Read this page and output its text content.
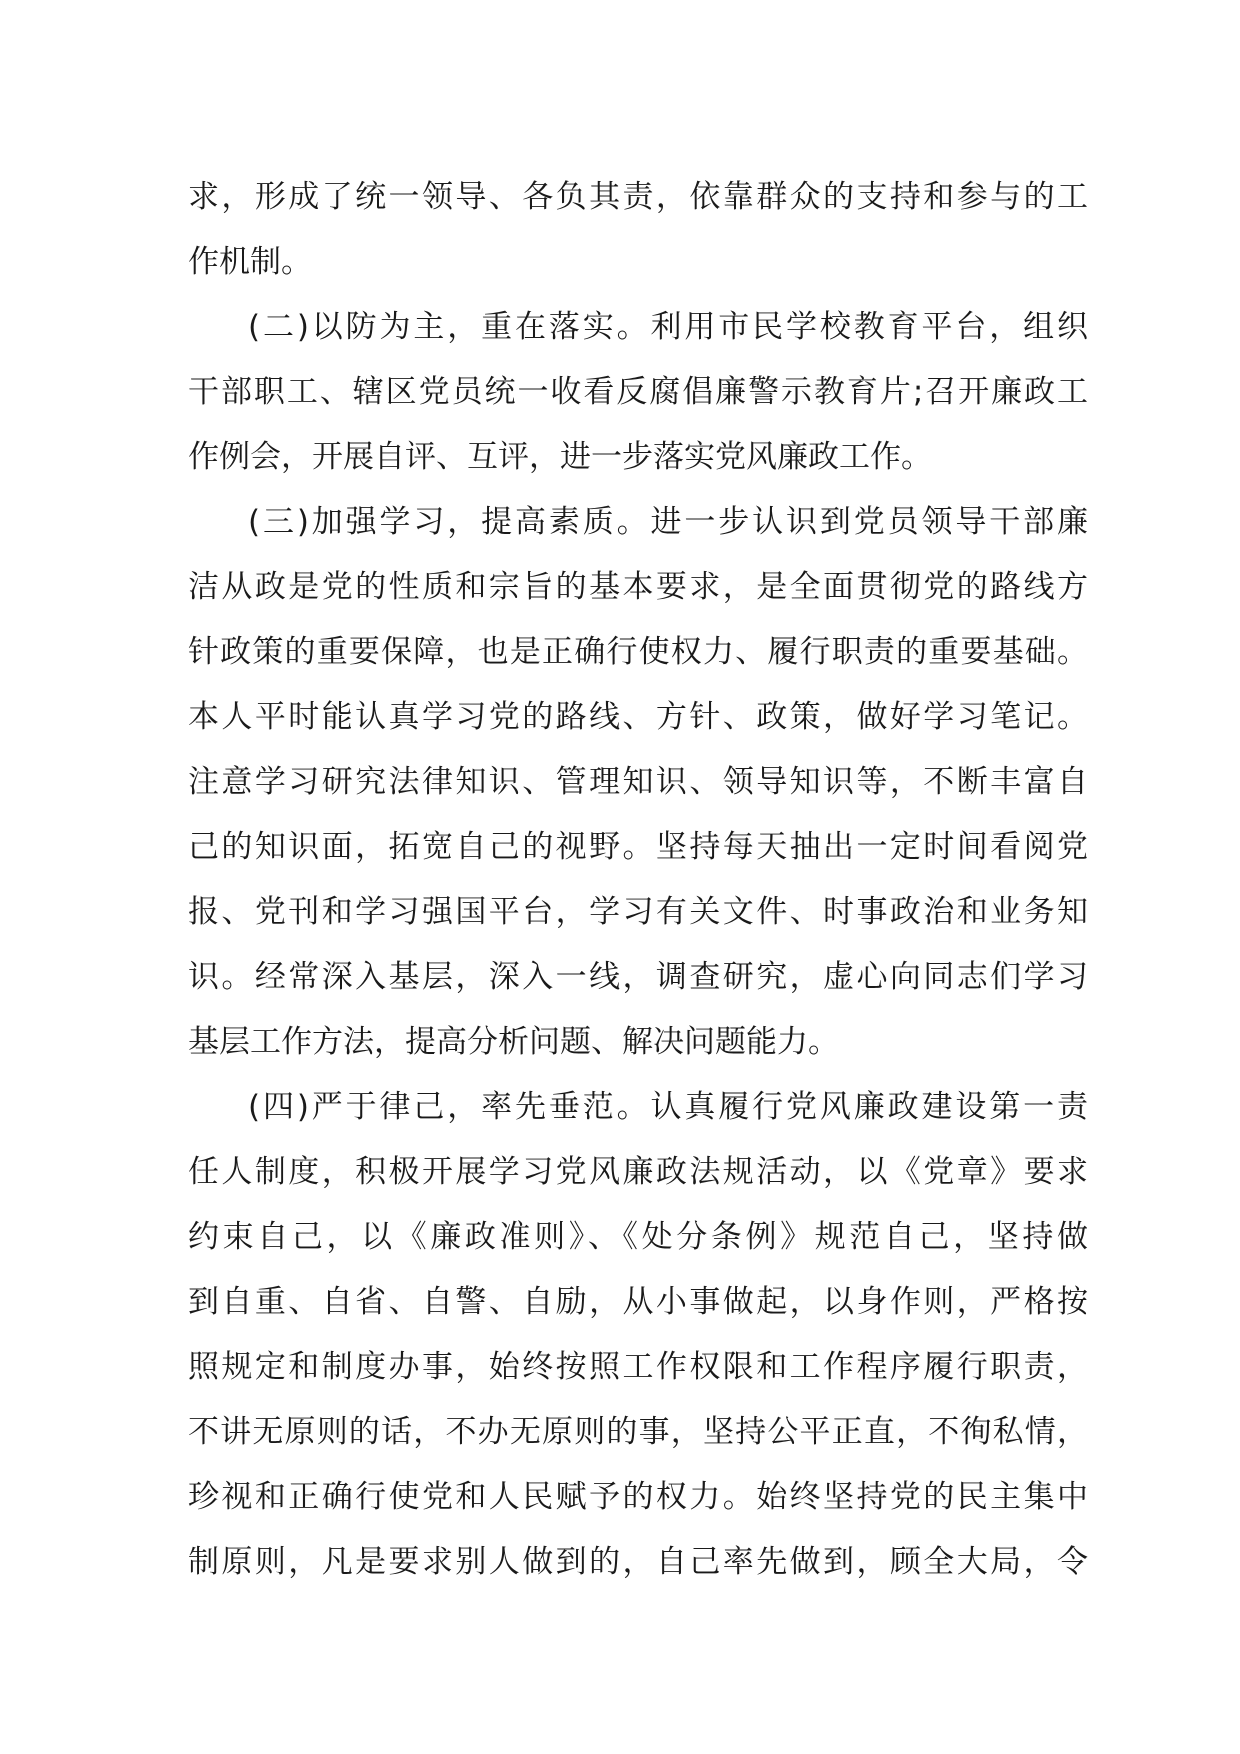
求，形成了统一领导、各负其责，依靠群众的支持和参与的工
作机制。
(二)以防为主，重在落实。利用市民学校教育平台，组织
干部职工、辖区党员统一收看反腐倡廉警示教育片;召开廉政工
作例会，开展自评、互评，进一步落实党风廉政工作。
(三)加强学习，提高素质。进一步认识到党员领导干部廉
洁从政是党的性质和宗旨的基本要求，是全面贯彻党的路线方
针政策的重要保障，也是正确行使权力、履行职责的重要基础。
本人平时能认真学习党的路线、方针、政策，做好学习笔记。
注意学习研究法律知识、管理知识、领导知识等，不断丰富自
己的知识面，拓宽自己的视野。坚持每天抽出一定时间看阅党
报、党刊和学习强国平台，学习有关文件、时事政治和业务知
识。经常深入基层，深入一线，调查研究，虚心向同志们学习
基层工作方法，提高分析问题、解决问题能力。
(四)严于律己，率先垂范。认真履行党风廉政建设第一责
任人制度，积极开展学习党风廉政法规活动，以《党章》要求
约束自己，以《廉政准则》、《处分条例》规范自己，坚持做
到自重、自省、自警、自励，从小事做起，以身作则，严格按
照规定和制度办事，始终按照工作权限和工作程序履行职责，
不讲无原则的话，不办无原则的事，坚持公平正直，不徇私情，
珍视和正确行使党和人民赋予的权力。始终坚持党的民主集中
制原则，凡是要求别人做到的，自己率先做到，顾全大局，令
